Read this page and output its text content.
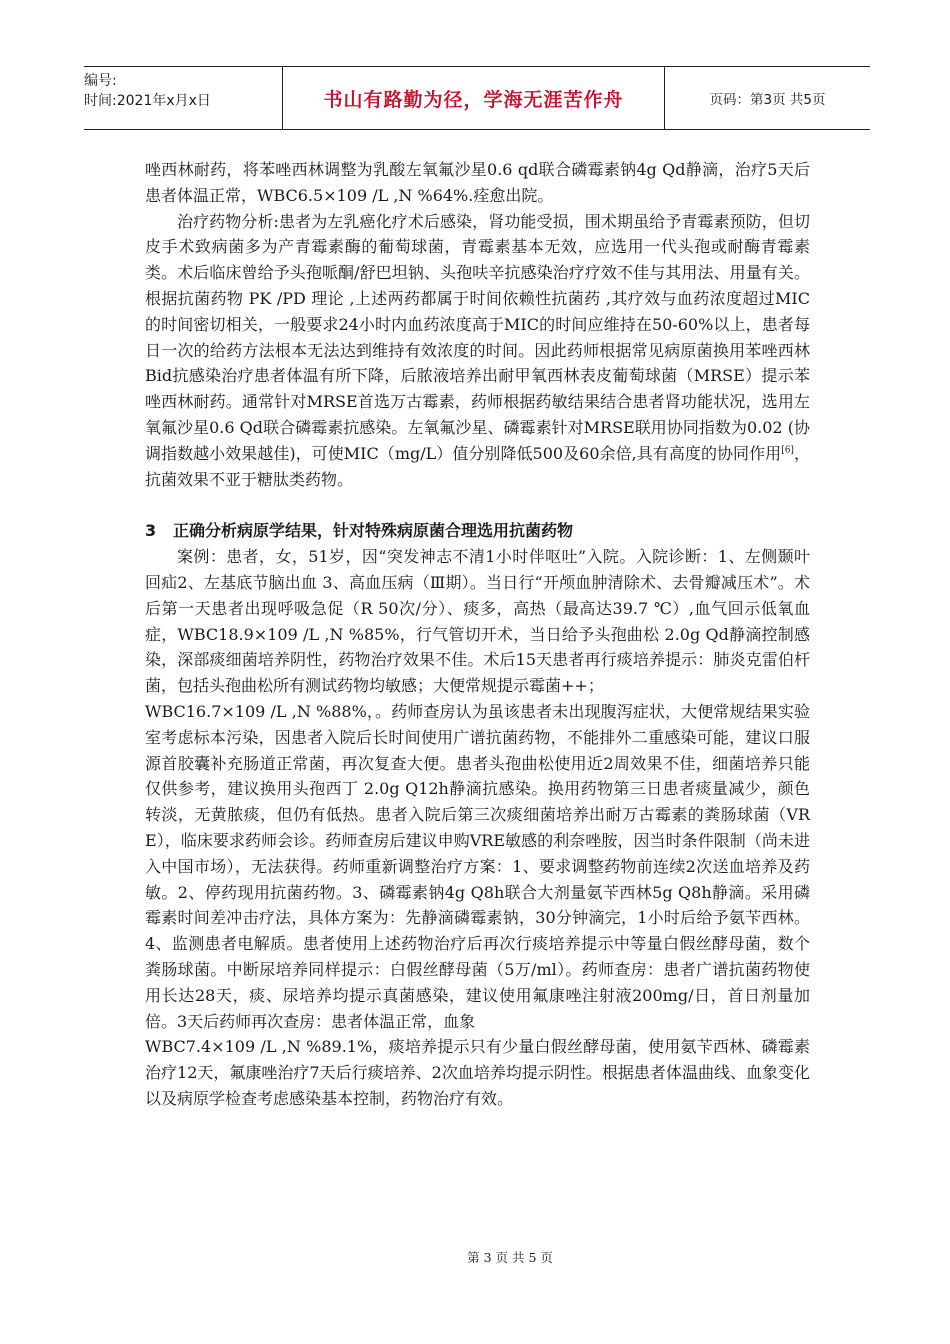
编号:
时间:2021年x月x日	书山有路勤为径，学海无涯苦作舟	页码：第3页 共5页

唑西林耐药，将苯唑西林调整为乳酸左氧氟沙星0.6 qd联合磷霉素钠4g Qd静滴，治疗5天后患者体温正常，WBC6.5×109 /L ,N %64%.痊愈出院。

治疗药物分析:患者为左乳癌化疗术后感染，肾功能受损，围术期虽给予青霉素预防，但切皮手术致病菌多为产青霉素酶的葡萄球菌，青霉素基本无效，应选用一代头孢或耐酶青霉素类。术后临床曾给予头孢哌酮/舒巴坦钠、头孢呋辛抗感染治疗疗效不佳与其用法、用量有关。根据抗菌药物 PK /PD 理论 ,上述两药都属于时间依赖性抗菌药 ,其疗效与血药浓度超过MIC的时间密切相关，一般要求24小时内血药浓度高于MIC的时间应维持在50-60%以上，患者每日一次的给药方法根本无法达到维持有效浓度的时间。因此药师根据常见病原菌换用苯唑西林 Bid抗感染治疗患者体温有所下降，后脓液培养出耐甲氧西林表皮葡萄球菌（MRSE）提示苯唑西林耐药。通常针对MRSE首选万古霉素，药师根据药敏结果结合患者肾功能状况，选用左氧氟沙星0.6 Qd联合磷霉素抗感染。左氧氟沙星、磷霉素针对MRSE联用协同指数为0.02 (协调指数越小效果越佳)，可使MIC（mg/L）值分别降低500及60余倍,具有高度的协同作用[6]，抗菌效果不亚于糖肽类药物。

3 正确分析病原学结果，针对特殊病原菌合理选用抗菌药物

案例：患者，女，51岁，因“突发神志不清1小时伴呕吐”入院。入院诊断：1、左侧颞叶回疝2、左基底节脑出血 3、高血压病（Ⅲ期）。当日行“开颅血肿清除术、去骨瓣减压术”。术后第一天患者出现呼吸急促（R 50次/分）、痰多，高热（最高达39.7 ℃）,血气回示低氧血症，WBC18.9×109 /L ,N %85%，行气管切开术，当日给予头孢曲松 2.0g Qd静滴控制感染，深部痰细菌培养阴性，药物治疗效果不佳。术后15天患者再行痰培养提示：肺炎克雷伯杆菌，包括头孢曲松所有测试药物均敏感；大便常规提示霉菌++；

WBC16.7×109 /L ,N %88%，。药师查房认为虽该患者未出现腹泻症状，大便常规结果实验室考虑标本污染，因患者入院后长时间使用广谱抗菌药物，不能排外二重感染可能，建议口服源首胶囊补充肠道正常菌，再次复查大便。患者头孢曲松使用近2周效果不佳，细菌培养只能仅供参考，建议换用头孢西丁 2.0g Q12h静滴抗感染。换用药物第三日患者痰量减少，颜色转淡，无黄脓痰，但仍有低热。患者入院后第三次痰细菌培养出耐万古霉素的粪肠球菌（VRE），临床要求药师会诊。药师查房后建议申购VRE敏感的利奈唑胺，因当时条件限制（尚未进入中国市场），无法获得。药师重新调整治疗方案：1、要求调整药物前连续2次送血培养及药敏。2、停药现用抗菌药物。3、磷霉素钠4g Q8h联合大剂量氨苄西林5g Q8h静滴。采用磷霉素时间差冲击疗法，具体方案为：先静滴磷霉素钠，30分钟滴完，1小时后给予氨苄西林。4、监测患者电解质。患者使用上述药物治疗后再次行痰培养提示中等量白假丝酵母菌，数个粪肠球菌。中断尿培养同样提示：白假丝酵母菌（5万/ml）。药师查房：患者广谱抗菌药物使用长达28天，痰、尿培养均提示真菌感染，建议使用氟康唑注射液200mg/日，首日剂量加倍。3天后药师再次查房：患者体温正常，血象

WBC7.4×109 /L ,N %89.1%，痰培养提示只有少量白假丝酵母菌，使用氨苄西林、磷霉素治疗12天，氟康唑治疗7天后行痰培养、2次血培养均提示阴性。根据患者体温曲线、血象变化以及病原学检查考虑感染基本控制，药物治疗有效。

第 3 页 共 5 页
